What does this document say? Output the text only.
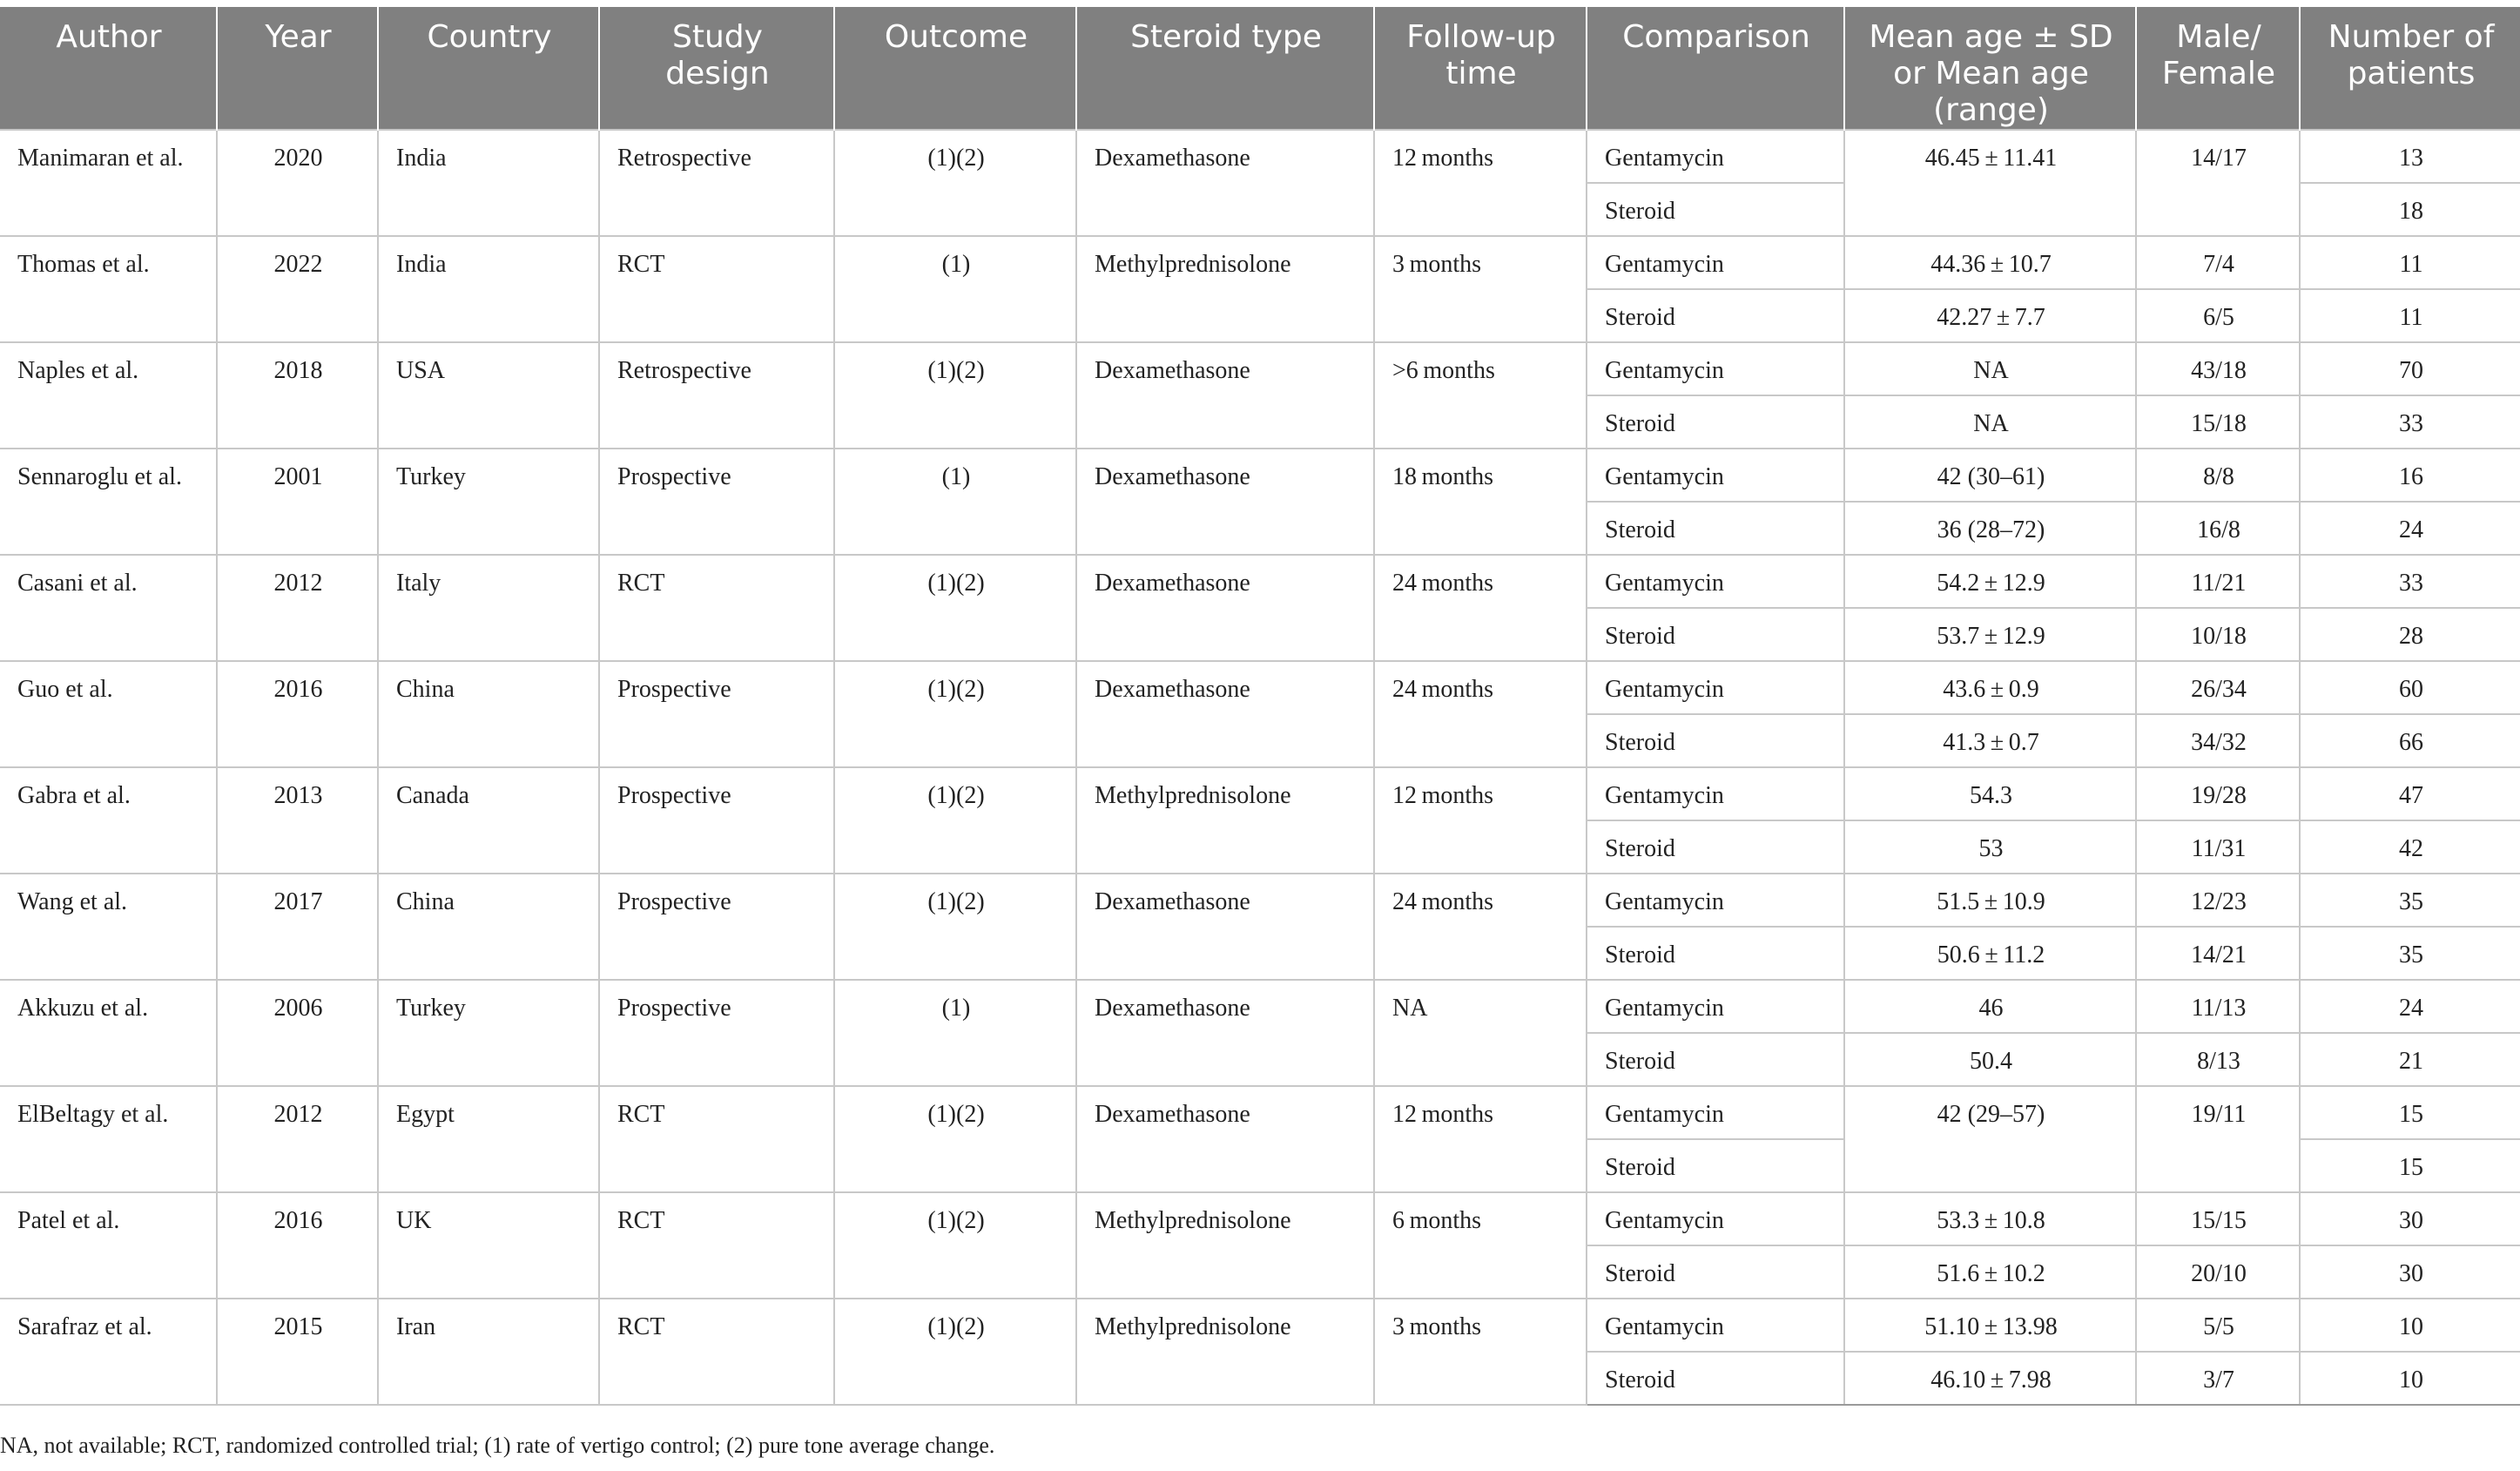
Author	Year	Country	Study design	Outcome	Steroid type	Follow-up time	Comparison	Mean age ± SD or Mean age (range)	Male/ Female	Number of patients
Manimaran et al.	2020	India	Retrospective	(1)(2)	Dexamethasone	12 months	Gentamycin	46.45 ± 11.41	14/17	13
							Steroid			18
Thomas et al.	2022	India	RCT	(1)	Methylprednisolone	3 months	Gentamycin	44.36 ± 10.7	7/4	11
							Steroid	42.27 ± 7.7	6/5	11
Naples et al.	2018	USA	Retrospective	(1)(2)	Dexamethasone	>6 months	Gentamycin	NA	43/18	70
							Steroid	NA	15/18	33
Sennaroglu et al.	2001	Turkey	Prospective	(1)	Dexamethasone	18 months	Gentamycin	42 (30–61)	8/8	16
							Steroid	36 (28–72)	16/8	24
Casani et al.	2012	Italy	RCT	(1)(2)	Dexamethasone	24 months	Gentamycin	54.2 ± 12.9	11/21	33
							Steroid	53.7 ± 12.9	10/18	28
Guo et al.	2016	China	Prospective	(1)(2)	Dexamethasone	24 months	Gentamycin	43.6 ± 0.9	26/34	60
							Steroid	41.3 ± 0.7	34/32	66
Gabra et al.	2013	Canada	Prospective	(1)(2)	Methylprednisolone	12 months	Gentamycin	54.3	19/28	47
							Steroid	53	11/31	42
Wang et al.	2017	China	Prospective	(1)(2)	Dexamethasone	24 months	Gentamycin	51.5 ± 10.9	12/23	35
							Steroid	50.6 ± 11.2	14/21	35
Akkuzu et al.	2006	Turkey	Prospective	(1)	Dexamethasone	NA	Gentamycin	46	11/13	24
							Steroid	50.4	8/13	21
ElBeltagy et al.	2012	Egypt	RCT	(1)(2)	Dexamethasone	12 months	Gentamycin	42 (29–57)	19/11	15
							Steroid			15
Patel et al.	2016	UK	RCT	(1)(2)	Methylprednisolone	6 months	Gentamycin	53.3 ± 10.8	15/15	30
							Steroid	51.6 ± 10.2	20/10	30
Sarafraz et al.	2015	Iran	RCT	(1)(2)	Methylprednisolone	3 months	Gentamycin	51.10 ± 13.98	5/5	10
							Steroid	46.10 ± 7.98	3/7	10
NA, not available; RCT, randomized controlled trial; (1) rate of vertigo control; (2) pure tone average change.
